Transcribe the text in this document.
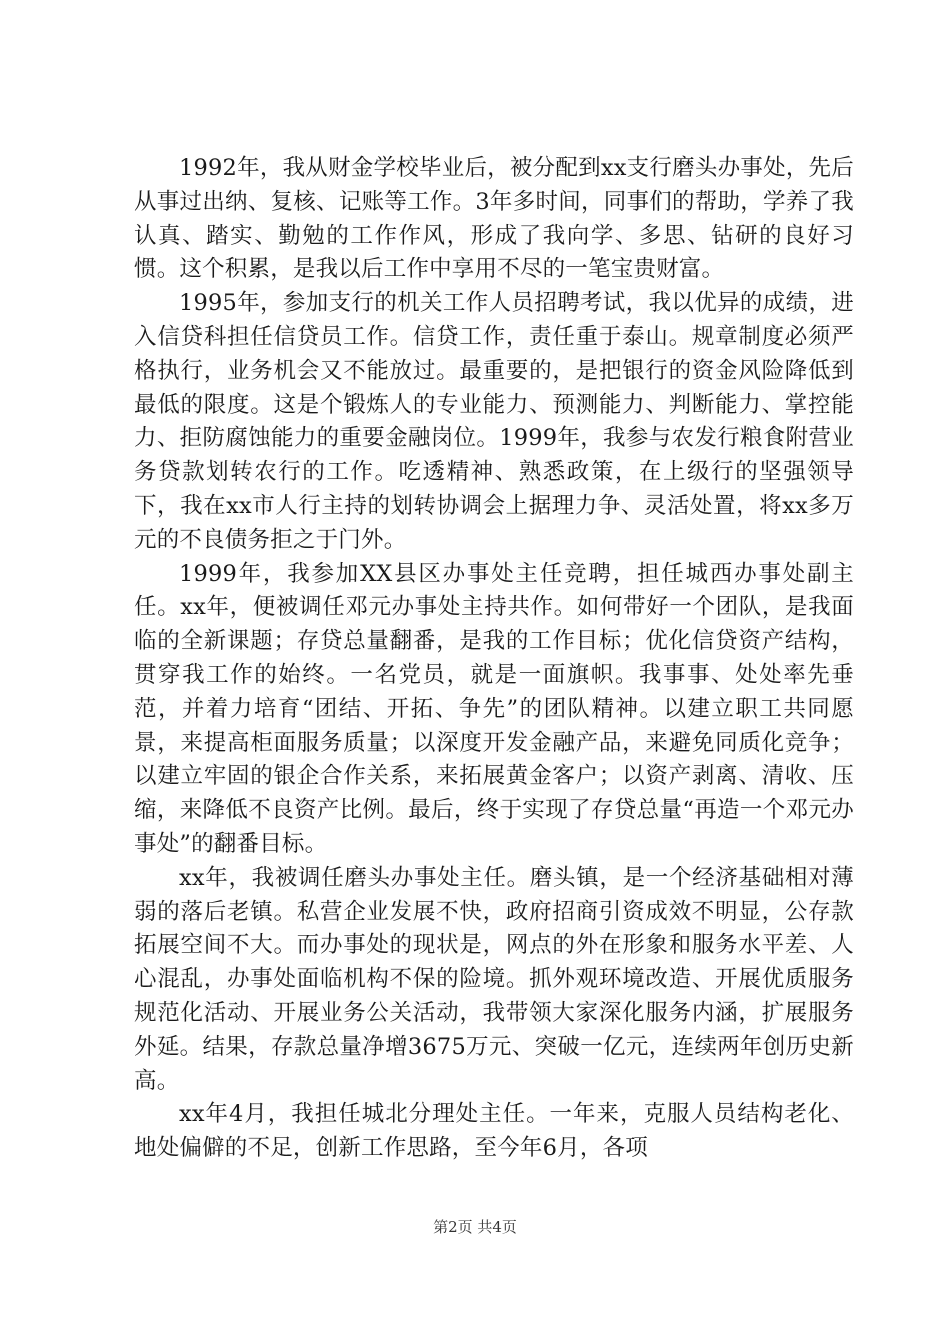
1992年，我从财金学校毕业后，被分配到xx支行磨头办事处，先后从事过出纳、复核、记账等工作。3年多时间，同事们的帮助，学养了我认真、踏实、勤勉的工作作风，形成了我向学、多思、钻研的良好习惯。这个积累，是我以后工作中享用不尽的一笔宝贵财富。

1995年，参加支行的机关工作人员招聘考试，我以优异的成绩，进入信贷科担任信贷员工作。信贷工作，责任重于泰山。规章制度必须严格执行，业务机会又不能放过。最重要的，是把银行的资金风险降低到最低的限度。这是个锻炼人的专业能力、预测能力、判断能力、掌控能力、拒防腐蚀能力的重要金融岗位。1999年，我参与农发行粮食附营业务贷款划转农行的工作。吃透精神、熟悉政策，在上级行的坚强领导下，我在xx市人行主持的划转协调会上据理力争、灵活处置，将xx多万元的不良债务拒之于门外。

1999年，我参加XX县区办事处主任竞聘，担任城西办事处副主任。xx年，便被调任邓元办事处主持共作。如何带好一个团队，是我面临的全新课题；存贷总量翻番，是我的工作目标；优化信贷资产结构，贯穿我工作的始终。一名党员，就是一面旗帜。我事事、处处率先垂范，并着力培育“团结、开拓、争先”的团队精神。以建立职工共同愿景，来提高柜面服务质量；以深度开发金融产品，来避免同质化竞争；以建立牢固的银企合作关系，来拓展黄金客户；以资产剥离、清收、压缩，来降低不良资产比例。最后，终于实现了存贷总量“再造一个邓元办事处”的翻番目标。

xx年，我被调任磨头办事处主任。磨头镇，是一个经济基础相对薄弱的落后老镇。私营企业发展不快，政府招商引资成效不明显，公存款拓展空间不大。而办事处的现状是，网点的外在形象和服务水平差、人心混乱，办事处面临机构不保的险境。抓外观环境改造、开展优质服务规范化活动、开展业务公关活动，我带领大家深化服务内涵，扩展服务外延。结果，存款总量净增3675万元、突破一亿元，连续两年创历史新高。

xx年4月，我担任城北分理处主任。一年来，克服人员结构老化、地处偏僻的不足，创新工作思路，至今年6月，各项

第2页 共4页
